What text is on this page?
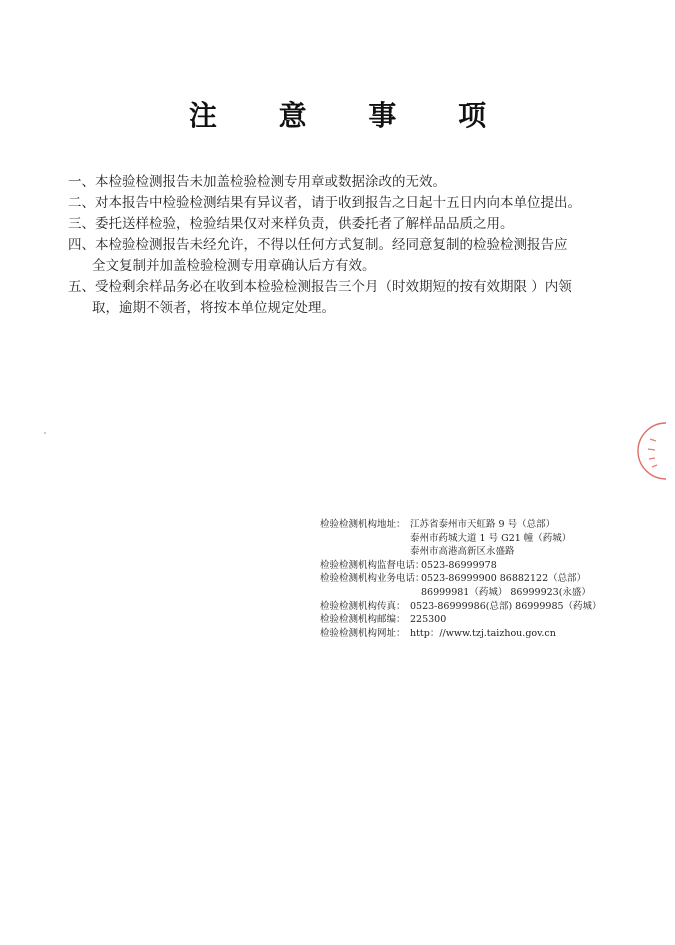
注 意 事 项

一、本检验检测报告未加盖检验检测专用章或数据涂改的无效。

二、对本报告中检验检测结果有异议者，请于收到报告之日起十五日内向本单位提出。

三、委托送样检验，检验结果仅对来样负责，供委托者了解样品品质之用。

四、本检验检测报告未经允许，不得以任何方式复制。经同意复制的检验检测报告应
全文复制并加盖检验检测专用章确认后方有效。

五、受检剩余样品务必在收到本检验检测报告三个月（时效期短的按有效期限 ）内领
取，逾期不领者，将按本单位规定处理。

检验检测机构地址： 江苏省泰州市天虹路 9 号（总部）
泰州市药城大道 1 号 G21 幢（药城）
泰州市高港高新区永盛路
检验检测机构监督电话：
0523-86999978
检验检测机构业务电话：
0523-86999900 86882122（总部）
86999981（药城） 86999923(永盛）
检验检测机构传真： 0523-86999986(总部) 86999985（药城）
检验检测机构邮编： 225300
检验检测机构网址： http：//www.tzj.taizhou.gov.cn
